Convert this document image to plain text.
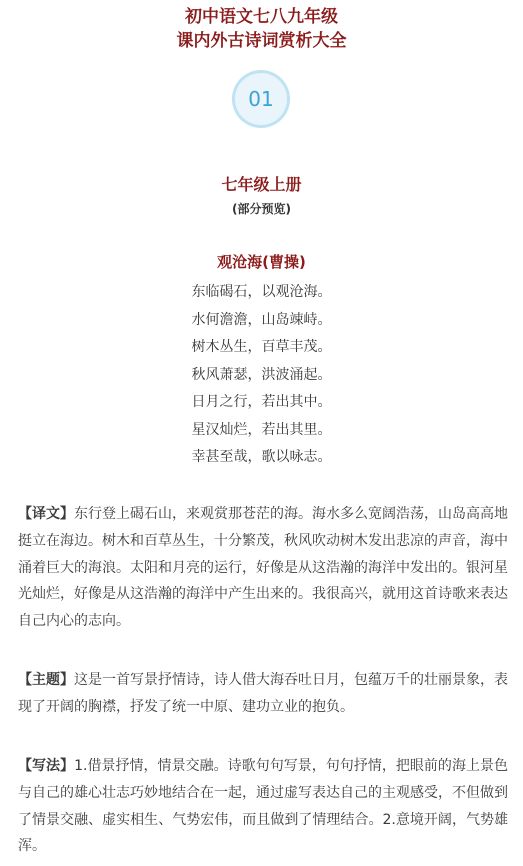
初中语文七八九年级
课内外古诗词赏析大全
01
七年级上册
(部分预览)
观沧海(曹操)
东临碣石，以观沧海。
水何澹澹，山岛竦峙。
树木丛生，百草丰茂。
秋风萧瑟，洪波涌起。
日月之行，若出其中。
星汉灿烂，若出其里。
幸甚至哉，歌以咏志。
【译文】东行登上碣石山，来观赏那苍茫的海。海水多么宽阔浩荡，山岛高高地挺立在海边。树木和百草丛生，十分繁茂，秋风吹动树木发出悲凉的声音，海中涌着巨大的海浪。太阳和月亮的运行，好像是从这浩瀚的海洋中发出的。银河星光灿烂，好像是从这浩瀚的海洋中产生出来的。我很高兴，就用这首诗歌来表达自己内心的志向。
【主题】这是一首写景抒情诗，诗人借大海吞吐日月，包蕴万千的壮丽景象，表现了开阔的胸襟，抒发了统一中原、建功立业的抱负。
【写法】1.借景抒情，情景交融。诗歌句句写景，句句抒情，把眼前的海上景色与自己的雄心壮志巧妙地结合在一起，通过虚写表达自己的主观感受，不但做到了情景交融、虚实相生、气势宏伟，而且做到了情理结合。2.意境开阔，气势雄浑。
